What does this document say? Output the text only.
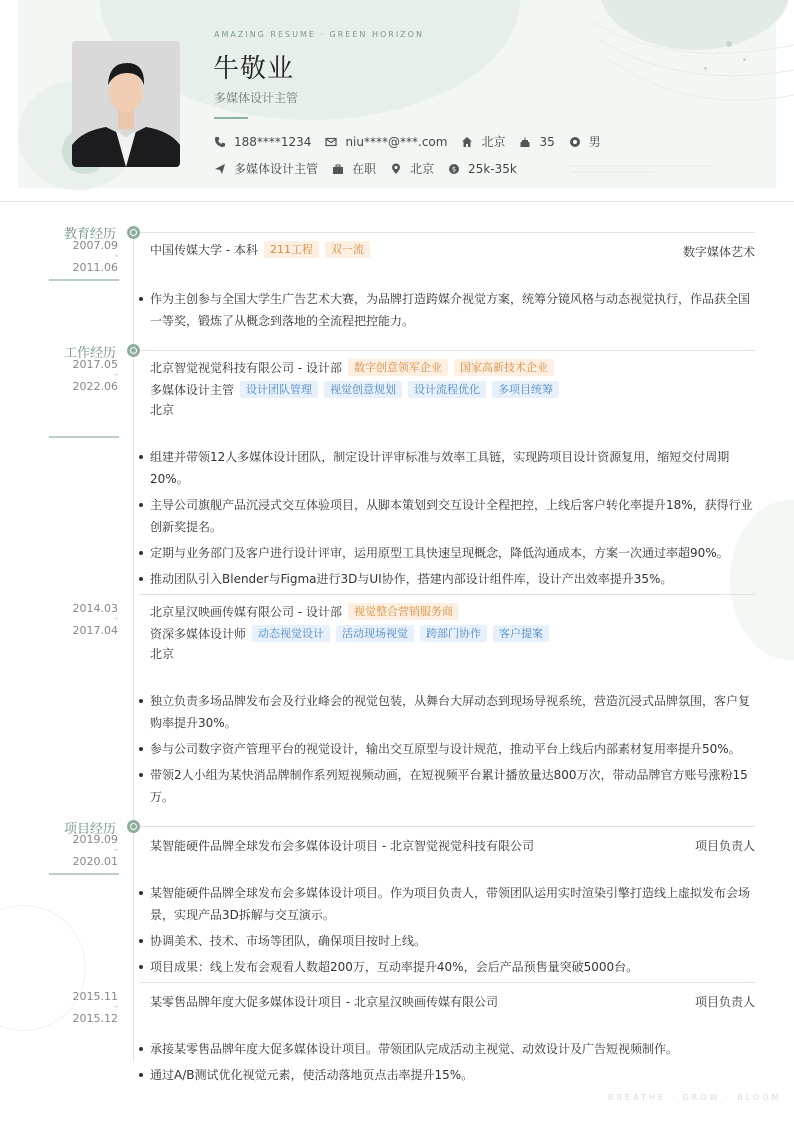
AMAZING RESUME · GREEN HORIZON
牛敬业
多媒体设计主管
188****1234	niu****@***.com	北京	35	男
多媒体设计主管	在职	北京	$ 25k-35k
教育经历
2007.09
-
2011.06
中国传媒大学 - 本科	211工程	双一流	数字媒体艺术
作为主创参与全国大学生广告艺术大赛，为品牌打造跨媒介视觉方案，统筹分镜风格与动态视觉执行，作品获全国一等奖，锻炼了从概念到落地的全流程把控能力。
工作经历
2017.05
-
2022.06
北京智觉视觉科技有限公司 - 设计部	数字创意领军企业	国家高新技术企业
多媒体设计主管	设计团队管理	视觉创意规划	设计流程优化	多项目统筹
北京
组建并带领12人多媒体设计团队，制定设计评审标准与效率工具链，实现跨项目设计资源复用，缩短交付周期20%。
主导公司旗舰产品沉浸式交互体验项目，从脚本策划到交互设计全程把控，上线后客户转化率提升18%，获得行业创新奖提名。
定期与业务部门及客户进行设计评审，运用原型工具快速呈现概念，降低沟通成本，方案一次通过率超90%。
推动团队引入Blender与Figma进行3D与UI协作，搭建内部设计组件库，设计产出效率提升35%。
2014.03
-
2017.04
北京星汉映画传媒有限公司 - 设计部	视觉整合营销服务商
资深多媒体设计师	动态视觉设计	活动现场视觉	跨部门协作	客户提案
北京
独立负责多场品牌发布会及行业峰会的视觉包装，从舞台大屏动态到现场导视系统，营造沉浸式品牌氛围，客户复购率提升30%。
参与公司数字资产管理平台的视觉设计，输出交互原型与设计规范，推动平台上线后内部素材复用率提升50%。
带领2人小组为某快消品牌制作系列短视频动画，在短视频平台累计播放量达800万次，带动品牌官方账号涨粉15万。
项目经历
2019.09
-
2020.01
某智能硬件品牌全球发布会多媒体设计项目 - 北京智觉视觉科技有限公司	项目负责人
某智能硬件品牌全球发布会多媒体设计项目。作为项目负责人，带领团队运用实时渲染引擎打造线上虚拟发布会场景，实现产品3D拆解与交互演示。
协调美术、技术、市场等团队，确保项目按时上线。
项目成果：线上发布会观看人数超200万，互动率提升40%，会后产品预售量突破5000台。
2015.11
-
2015.12
某零售品牌年度大促多媒体设计项目 - 北京星汉映画传媒有限公司	项目负责人
承接某零售品牌年度大促多媒体设计项目。带领团队完成活动主视觉、动效设计及广告短视频制作。
通过A/B测试优化视觉元素，使活动落地页点击率提升15%。
BREATHE · GROW · BLOOM
